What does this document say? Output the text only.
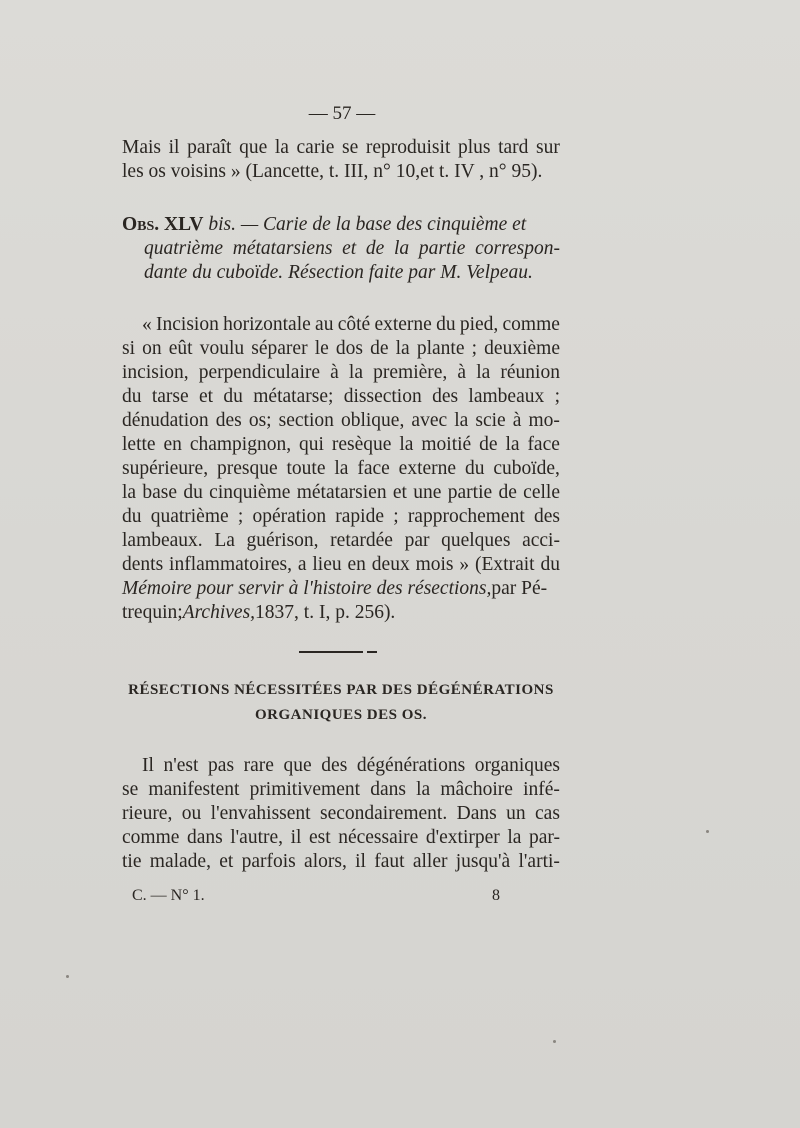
— 57 —
Mais il paraît que la carie se reproduisit plus tard sur
les os voisins » (Lancette, t. III, n° 10,et t. IV , n° 95).
Obs. XLV
bis.
— Carie de la base des cinquième et
quatrième métatarsiens et de la partie correspon-
dante du cuboïde. Résection faite par M. Velpeau.
« Incision horizontale au côté externe du pied, comme
si on eût voulu séparer le dos de la plante ; deuxième
incision, perpendiculaire à la première, à la réunion
du tarse et du métatarse; dissection des lambeaux ;
dénudation des os; section oblique, avec la scie à mo-
lette en champignon, qui resèque la moitié de la face
supérieure, presque toute la face externe du cuboïde,
la base du cinquième métatarsien et une partie de celle
du quatrième ; opération rapide ; rapprochement des
lambeaux. La guérison, retardée par quelques acci-
dents inflammatoires, a lieu en deux mois » (Extrait du
Mémoire pour servir à l'histoire des résections, par Pé-
trequin; Archives, 1837, t. I, p. 256).
RÉSECTIONS NÉCESSITÉES PAR DES DÉGÉNÉRATIONS
ORGANIQUES DES OS.
Il n'est pas rare que des dégénérations organiques
se manifestent primitivement dans la mâchoire infé-
rieure, ou l'envahissent secondairement. Dans un cas
comme dans l'autre, il est nécessaire d'extirper la par-
tie malade, et parfois alors, il faut aller jusqu'à l'arti-
C. — N° 1.	8
